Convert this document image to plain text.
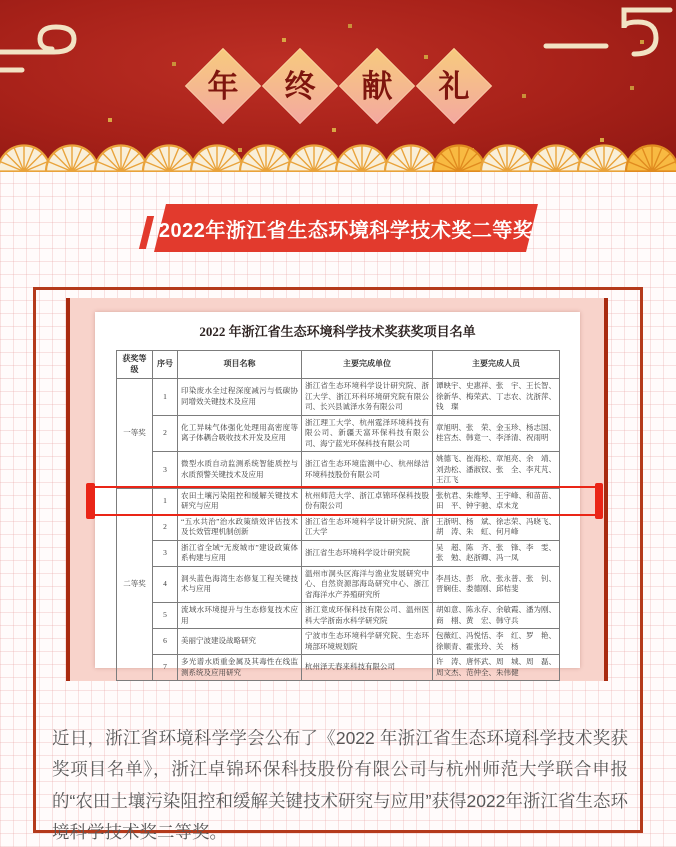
年 终 献 礼
2022年浙江省生态环境科学技术奖二等奖

2022 年浙江省生态环境科学技术奖获奖项目名单

获奖等级	序号	项目名称	主要完成单位	主要完成人员
一等奖	1	印染废水全过程深度减污与低碳协同增效关键技术及应用	浙江省生态环境科学设计研究院、浙江大学、浙江环科环境研究院有限公司、长兴县诚泽水务有限公司	谭映宇、史惠祥、张　宇、王长智、徐新华、梅荣武、丁志农、沈浙萍、钱　璨
	2	化工异味气体强化处理用高密度等离子体耦合吸收技术开发及应用	浙江理工大学、杭州霆泽环境科技有限公司、新疆天富环保科技有限公司、海宁蓝光环保科技有限公司	章旭明、张　荣、金玉珍、杨志国、桂宫杰、韩竟一、李泽清、祝雨明
	3	微型水质自动监测系统智能质控与水质预警关键技术及应用	浙江省生态环境监测中心、杭州绿洁环境科技股份有限公司	姚德飞、崔海松、章旭亮、余　靖、刘劲松、潘淑钗、张　全、李芃芃、王江飞
二等奖	1	农田土壤污染阻控和缓解关键技术研究与应用	杭州师范大学、浙江卓锦环保科技股份有限公司	张杭君、朱维琴、王宇峰、和苗苗、田　平、钟宇驰、卓未龙
	2	“五水共治”治水政策绩效评估技术及长效管理机制创新	浙江省生态环境科学设计研究院、浙江大学	王浙明、杨　斌、徐志荣、冯晓飞、胡　涛、朱　虹、何月峰
	3	浙江省全域“无废城市”建设政策体系构建与应用	浙江省生态环境科学设计研究院	吴　超、陈　齐、张　锋、李　雯、张　勉、赵浙卿、冯一凤
	4	洞头蓝色海湾生态修复工程关键技术与应用	温州市洞头区海洋与渔业发展研究中心、自然资源部海岛研究中心、浙江省海洋水产养殖研究所	李昌达、彭　欣、张永普、张　钊、晋娴佳、娄德刚、邱桔斐
	5	流域水环境提升与生态修复技术应用	浙江竟成环保科技有限公司、温州医科大学浙南水科学研究院	胡如意、陈永存、余敏霞、潘为刚、商　栩、黄　宏、韩守兵
	6	美丽宁波建设战略研究	宁波市生态环境科学研究院、生态环境部环境规划院	包薇红、冯悦恬、李　红、罗　艳、徐顺青、霍张玲、关　杨
	7	多光谱水质重金属及其毒性在线监测系统及应用研究	杭州泽天春来科技有限公司	许　涛、唐怀武、周　城、周　磊、周文杰、范仲全、朱伟健

近日，浙江省环境科学学会公布了《2022 年浙江省生态环境科学技术奖获奖项目名单》，浙江卓锦环保科技股份有限公司与杭州师范大学联合申报的“农田土壤污染阻控和缓解关键技术研究与应用”获得2022年浙江省生态环境科学技术奖二等奖。
